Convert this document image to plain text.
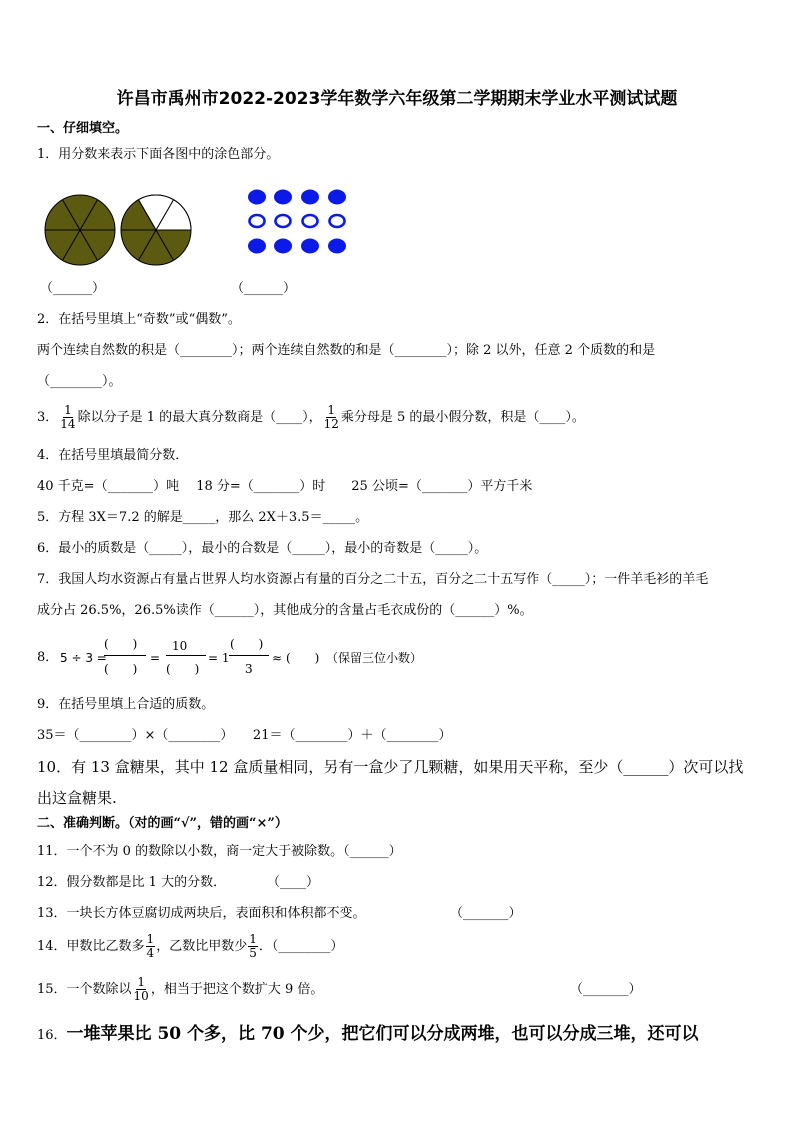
许昌市禹州市2022-2023学年数学六年级第二学期期末学业水平测试试题
一、仔细填空。
1．用分数来表示下面各图中的涂色部分。
（______）	（______）
2．在括号里填上“奇数”或“偶数”。
两个连续自然数的积是（________）；两个连续自然数的和是（________）；除 2 以外，任意 2 个质数的和是
（________）。
3． $\frac{1}{14}$ 除以分子是 1 的最大真分数商是（____）， $\frac{1}{12}$ 乘分母是 5 的最小假分数，积是（____）。
4．在括号里填最简分数．
40 千克=（_______）吨　 18 分=（_______）时　　25 公顷=（_______）平方千米
5．方程 3X＝7.2 的解是_____，那么 2X＋3.5＝_____。
6．最小的质数是（_____），最小的合数是（_____），最小的奇数是（_____）。
7．我国人均水资源占有量占世界人均水资源占有量的百分之二十五，百分之二十五写作（_____）；一件羊毛衫的羊毛
成分占 26.5%，26.5%读作（______），其他成分的含量占毛衣成份的（______）%。
8． 5 ÷ 3 =
(　　)
(　　)
=
10
(　　)
= 1
(　　)
3
≈ (　　) （保留三位小数）
9．在括号里填上合适的质数。
35＝（________）×（________）　　21＝（________）＋（________）
10．有 13 盒糖果，其中 12 盒质量相同，另有一盒少了几颗糖，如果用天平称，至少（______）次可以找
出这盒糖果.
二、准确判断。（对的画“√”，错的画“×”）
11．一个不为 0 的数除以小数，商一定大于被除数。（______）
12．假分数都是比 1 大的分数．	（____）
13．一块长方体豆腐切成两块后，表面积和体积都不变。	（_______）
14．甲数比乙数多 $\frac{1}{4}$ ，乙数比甲数少 $\frac{1}{5}$ ．（________）
15．一个数除以 $\frac{1}{10}$ ，相当于把这个数扩大 9 倍。	（_______）
16．一堆苹果比 50 个多，比 70 个少，把它们可以分成两堆，也可以分成三堆，还可以
